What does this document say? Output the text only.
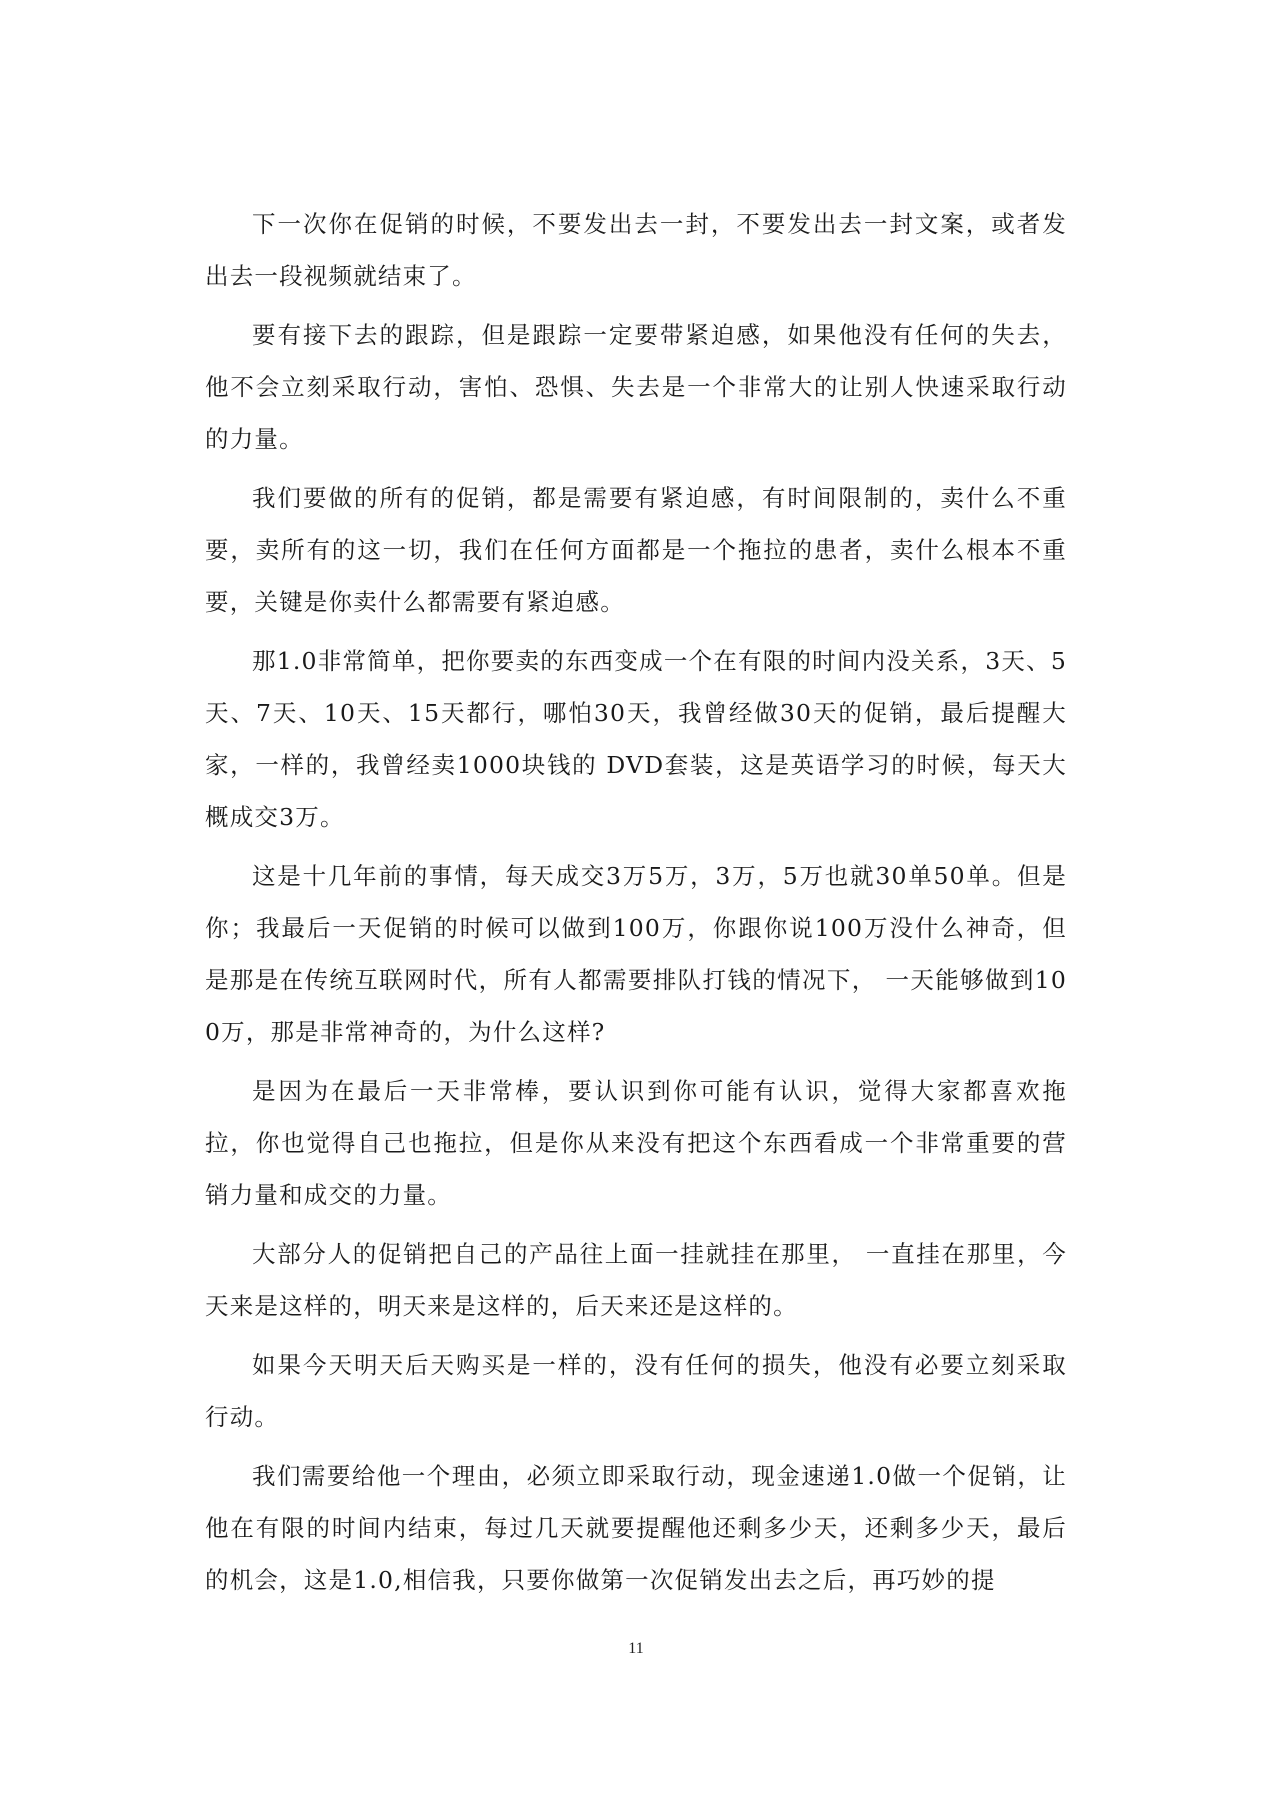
下一次你在促销的时候，不要发出去一封，不要发出去一封文案，或者发出去一段视频就结束了。

要有接下去的跟踪，但是跟踪一定要带紧迫感，如果他没有任何的失去，他不会立刻采取行动，害怕、恐惧、失去是一个非常大的让别人快速采取行动的力量。

我们要做的所有的促销，都是需要有紧迫感，有时间限制的，卖什么不重要，卖所有的这一切，我们在任何方面都是一个拖拉的患者，卖什么根本不重要，关键是你卖什么都需要有紧迫感。

那1.0非常简单，把你要卖的东西变成一个在有限的时间内没关系，3天、5天、7天、10天、15天都行，哪怕30天，我曾经做30天的促销，最后提醒大家，一样的，我曾经卖1000块钱的 DVD套装，这是英语学习的时候，每天大概成交3万。

这是十几年前的事情，每天成交3万5万，3万，5万也就30单50单。但是你；我最后一天促销的时候可以做到100万，你跟你说100万没什么神奇，但是那是在传统互联网时代，所有人都需要排队打钱的情况下， 一天能够做到100万，那是非常神奇的，为什么这样?

是因为在最后一天非常棒，要认识到你可能有认识，觉得大家都喜欢拖拉，你也觉得自己也拖拉，但是你从来没有把这个东西看成一个非常重要的营销力量和成交的力量。

大部分人的促销把自己的产品往上面一挂就挂在那里， 一直挂在那里，今天来是这样的，明天来是这样的，后天来还是这样的。

如果今天明天后天购买是一样的，没有任何的损失，他没有必要立刻采取行动。

我们需要给他一个理由，必须立即采取行动，现金速递1.0做一个促销，让他在有限的时间内结束，每过几天就要提醒他还剩多少天，还剩多少天，最后的机会，这是1.0,相信我，只要你做第一次促销发出去之后，再巧妙的提

11
